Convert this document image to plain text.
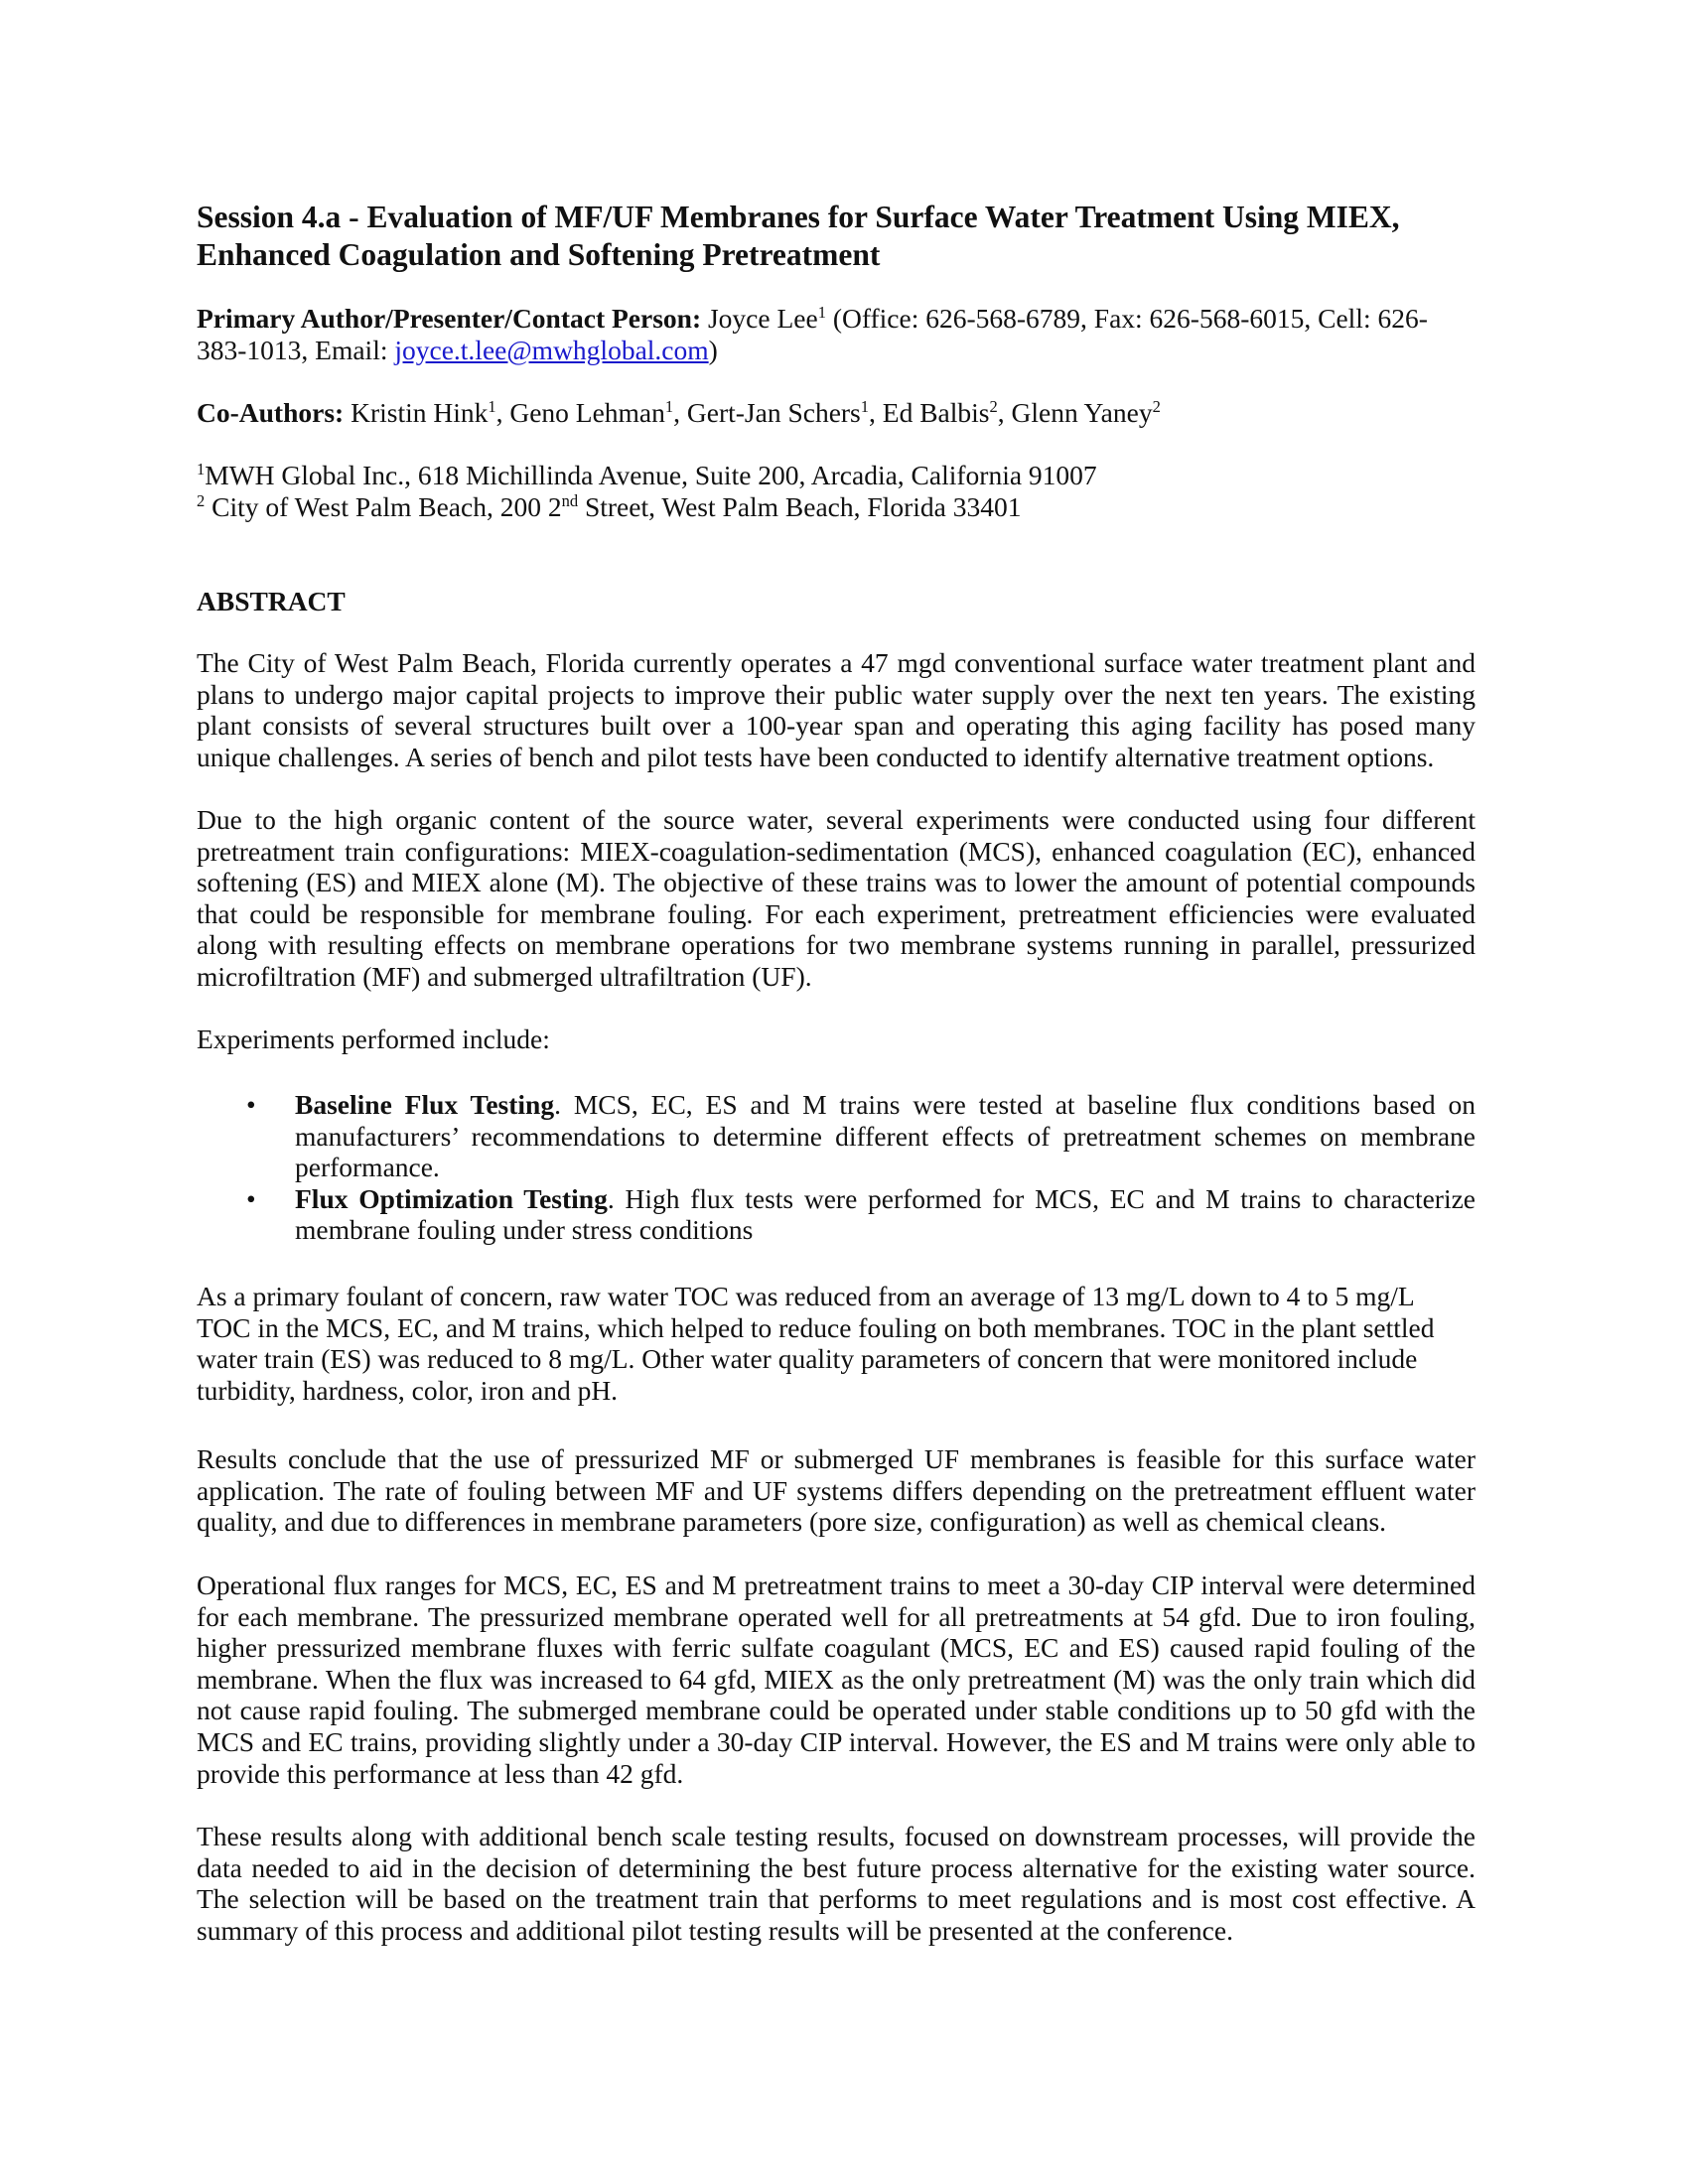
Session 4.a - Evaluation of MF/UF Membranes for Surface Water Treatment Using MIEX, Enhanced Coagulation and Softening Pretreatment
Primary Author/Presenter/Contact Person: Joyce Lee$^1$ (Office: 626-568-6789, Fax: 626-568-6015, Cell: 626-383-1013, Email: joyce.t.lee@mwhglobal.com)
Co-Authors: Kristin Hink$^1$, Geno Lehman$^1$, Gert-Jan Schers$^1$, Ed Balbis$^2$, Glenn Yaney$^2$
$^1$MWH Global Inc., 618 Michillinda Avenue, Suite 200, Arcadia, California 91007
$^2$ City of West Palm Beach, 200 2nd Street, West Palm Beach, Florida 33401
ABSTRACT
The City of West Palm Beach, Florida currently operates a 47 mgd conventional surface water treatment plant and plans to undergo major capital projects to improve their public water supply over the next ten years. The existing plant consists of several structures built over a 100-year span and operating this aging facility has posed many unique challenges. A series of bench and pilot tests have been conducted to identify alternative treatment options.
Due to the high organic content of the source water, several experiments were conducted using four different pretreatment train configurations: MIEX-coagulation-sedimentation (MCS), enhanced coagulation (EC), enhanced softening (ES) and MIEX alone (M). The objective of these trains was to lower the amount of potential compounds that could be responsible for membrane fouling. For each experiment, pretreatment efficiencies were evaluated along with resulting effects on membrane operations for two membrane systems running in parallel, pressurized microfiltration (MF) and submerged ultrafiltration (UF).
Experiments performed include:
• Baseline Flux Testing. MCS, EC, ES and M trains were tested at baseline flux conditions based on manufacturers’ recommendations to determine different effects of pretreatment schemes on membrane performance.
• Flux Optimization Testing. High flux tests were performed for MCS, EC and M trains to characterize membrane fouling under stress conditions
As a primary foulant of concern, raw water TOC was reduced from an average of 13 mg/L down to 4 to 5 mg/L
TOC in the MCS, EC, and M trains, which helped to reduce fouling on both membranes. TOC in the plant settled
water train (ES) was reduced to 8 mg/L. Other water quality parameters of concern that were monitored include
turbidity, hardness, color, iron and pH.
Results conclude that the use of pressurized MF or submerged UF membranes is feasible for this surface water application. The rate of fouling between MF and UF systems differs depending on the pretreatment effluent water quality, and due to differences in membrane parameters (pore size, configuration) as well as chemical cleans.
Operational flux ranges for MCS, EC, ES and M pretreatment trains to meet a 30-day CIP interval were determined for each membrane. The pressurized membrane operated well for all pretreatments at 54 gfd. Due to iron fouling, higher pressurized membrane fluxes with ferric sulfate coagulant (MCS, EC and ES) caused rapid fouling of the membrane. When the flux was increased to 64 gfd, MIEX as the only pretreatment (M) was the only train which did not cause rapid fouling. The submerged membrane could be operated under stable conditions up to 50 gfd with the MCS and EC trains, providing slightly under a 30-day CIP interval. However, the ES and M trains were only able to provide this performance at less than 42 gfd.
These results along with additional bench scale testing results, focused on downstream processes, will provide the data needed to aid in the decision of determining the best future process alternative for the existing water source. The selection will be based on the treatment train that performs to meet regulations and is most cost effective. A summary of this process and additional pilot testing results will be presented at the conference.
